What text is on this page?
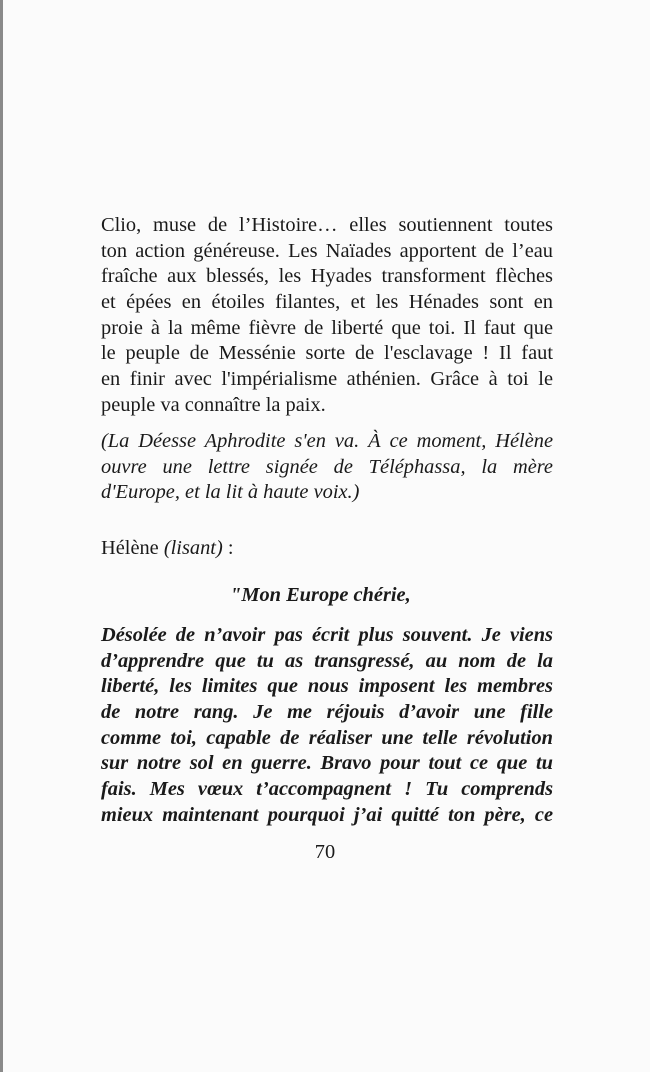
Clio, muse de l’Histoire… elles soutiennent toutes
ton action généreuse. Les Naïades apportent de l’eau
fraîche aux blessés, les Hyades transforment flèches
et épées en étoiles filantes, et les Hénades sont en
proie à la même fièvre de liberté que toi. Il faut que
le peuple de Messénie sorte de l'esclavage ! Il faut
en finir avec l'impérialisme athénien. Grâce à toi le
peuple va connaître la paix.
(La Déesse Aphrodite s'en va. À ce moment, Hélène
ouvre une lettre signée de Téléphassa, la mère
d'Europe, et la lit à haute voix.)
Hélène (lisant) :
"Mon Europe chérie,
Désolée de n’avoir pas écrit plus souvent. Je viens
d’apprendre que tu as transgressé, au nom de la
liberté, les limites que nous imposent les membres
de notre rang. Je me réjouis d’avoir une fille
comme toi, capable de réaliser une telle révolution
sur notre sol en guerre. Bravo pour tout ce que tu
fais. Mes vœux t’accompagnent ! Tu comprends
mieux maintenant pourquoi j’ai quitté ton père, ce
70
